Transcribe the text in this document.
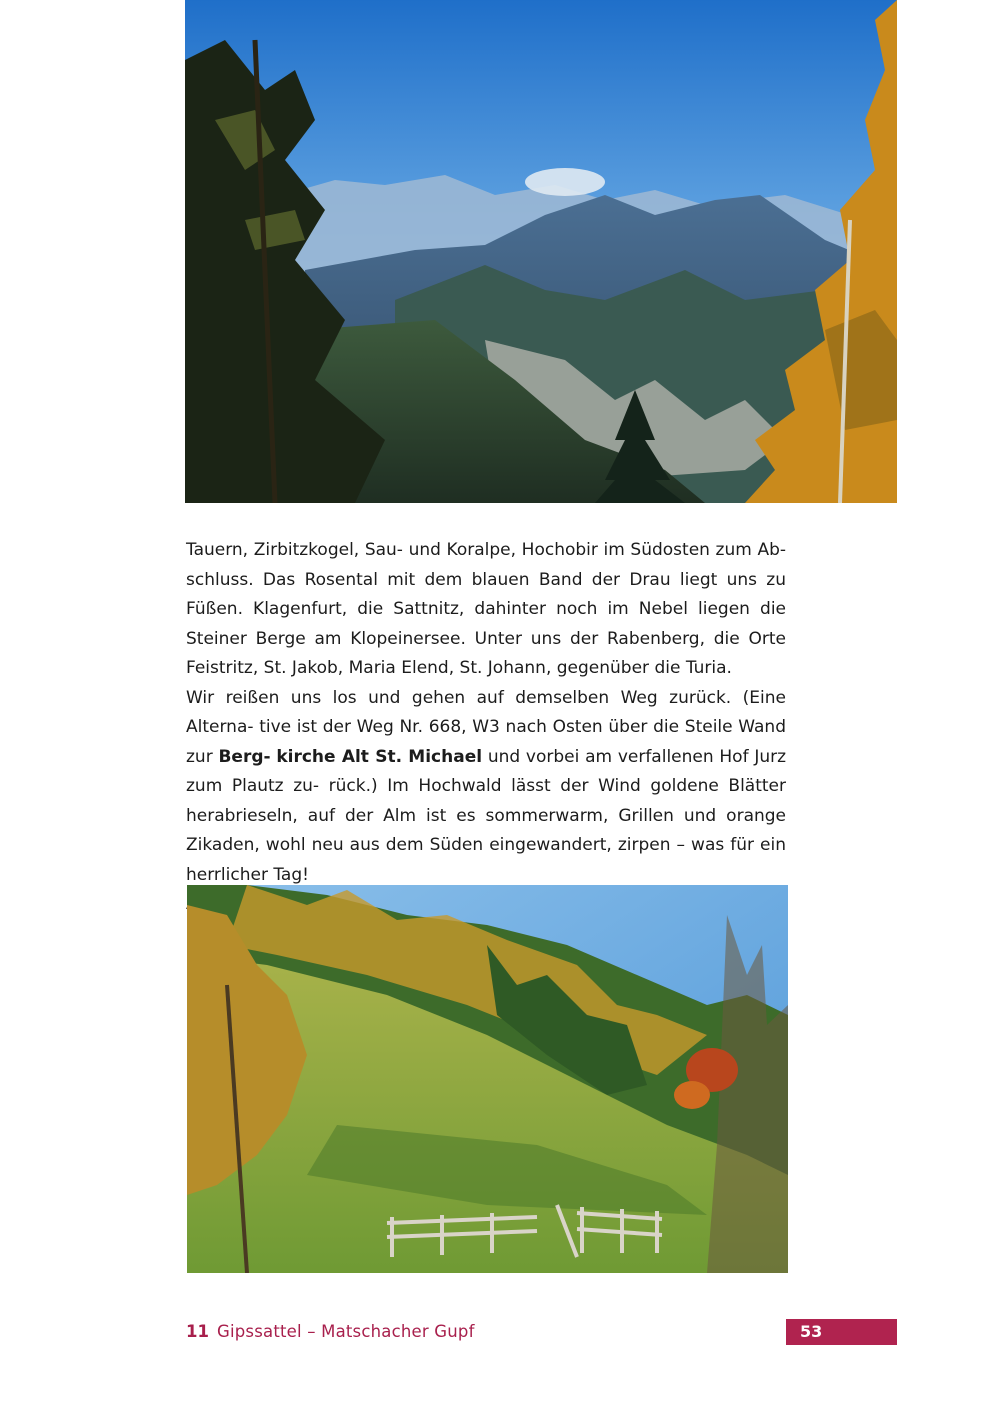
Tauern, Zirbitzkogel, Sau- und Koralpe, Hochobir im Südosten zum Ab- schluss. Das Rosental mit dem blauen Band der Drau liegt uns zu Füßen. Klagenfurt, die Sattnitz, dahinter noch im Nebel liegen die Steiner Berge am Klopeinersee. Unter uns der Rabenberg, die Orte Feistritz, St. Jakob, Maria Elend, St. Johann, gegenüber die Turia.

Wir reißen uns los und gehen auf demselben Weg zurück. (Eine Alterna- tive ist der Weg Nr. 668, W3 nach Osten über die Steile Wand zur Berg- kirche Alt St. Michael und vorbei am verfallenen Hof Jurz zum Plautz zu- rück.) Im Hochwald lässt der Wind goldene Blätter herabrieseln, auf der Alm ist es sommerwarm, Grillen und orange Zikaden, wohl neu aus dem Süden eingewandert, zirpen – was für ein herrlicher Tag!

11 Gipssattel – Matschacher Gupf	53
